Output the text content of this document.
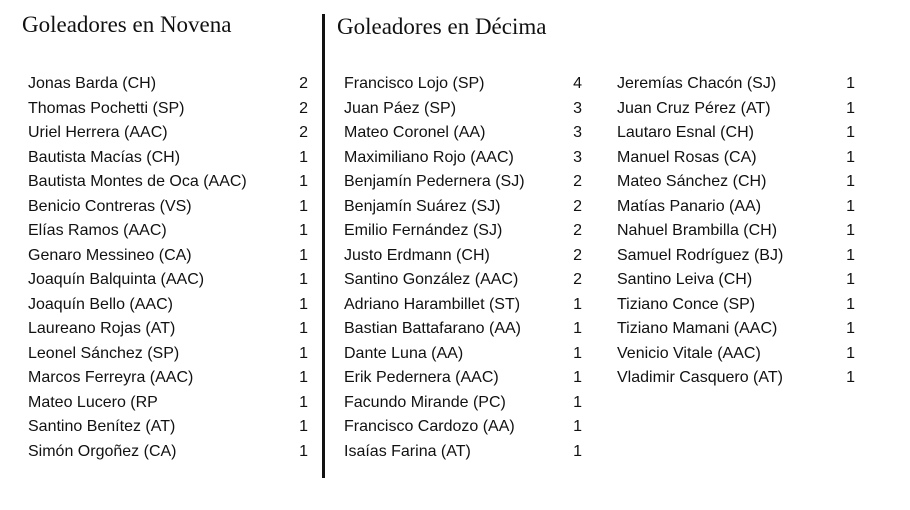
Goleadores en Novena	Goleadores en Décima
Jonas Barda (CH)	2
Thomas Pochetti (SP)	2
Uriel Herrera (AAC)	2
Bautista Macías (CH)	1
Bautista Montes de Oca (AAC)	1
Benicio Contreras (VS)	1
Elías Ramos (AAC)	1
Genaro Messineo (CA)	1
Joaquín Balquinta (AAC)	1
Joaquín Bello (AAC)	1
Laureano Rojas (AT)	1
Leonel Sánchez (SP)	1
Marcos Ferreyra (AAC)	1
Mateo Lucero (RP	1
Santino Benítez (AT)	1
Simón Orgoñez (CA)	1
Francisco Lojo (SP)	4
Juan Páez (SP)	3
Mateo Coronel (AA)	3
Maximiliano Rojo (AAC)	3
Benjamín Pedernera (SJ)	2
Benjamín Suárez (SJ)	2
Emilio Fernández (SJ)	2
Justo Erdmann (CH)	2
Santino González (AAC)	2
Adriano Harambillet (ST)	1
Bastian Battafarano (AA)	1
Dante Luna (AA)	1
Erik Pedernera (AAC)	1
Facundo Mirande (PC)	1
Francisco Cardozo (AA)	1
Isaías Farina (AT)	1
Jeremías Chacón (SJ)	1
Juan Cruz Pérez (AT)	1
Lautaro Esnal (CH)	1
Manuel Rosas (CA)	1
Mateo Sánchez (CH)	1
Matías Panario (AA)	1
Nahuel Brambilla (CH)	1
Samuel Rodríguez (BJ)	1
Santino Leiva (CH)	1
Tiziano Conce (SP)	1
Tiziano Mamani (AAC)	1
Venicio Vitale (AAC)	1
Vladimir Casquero (AT)	1
